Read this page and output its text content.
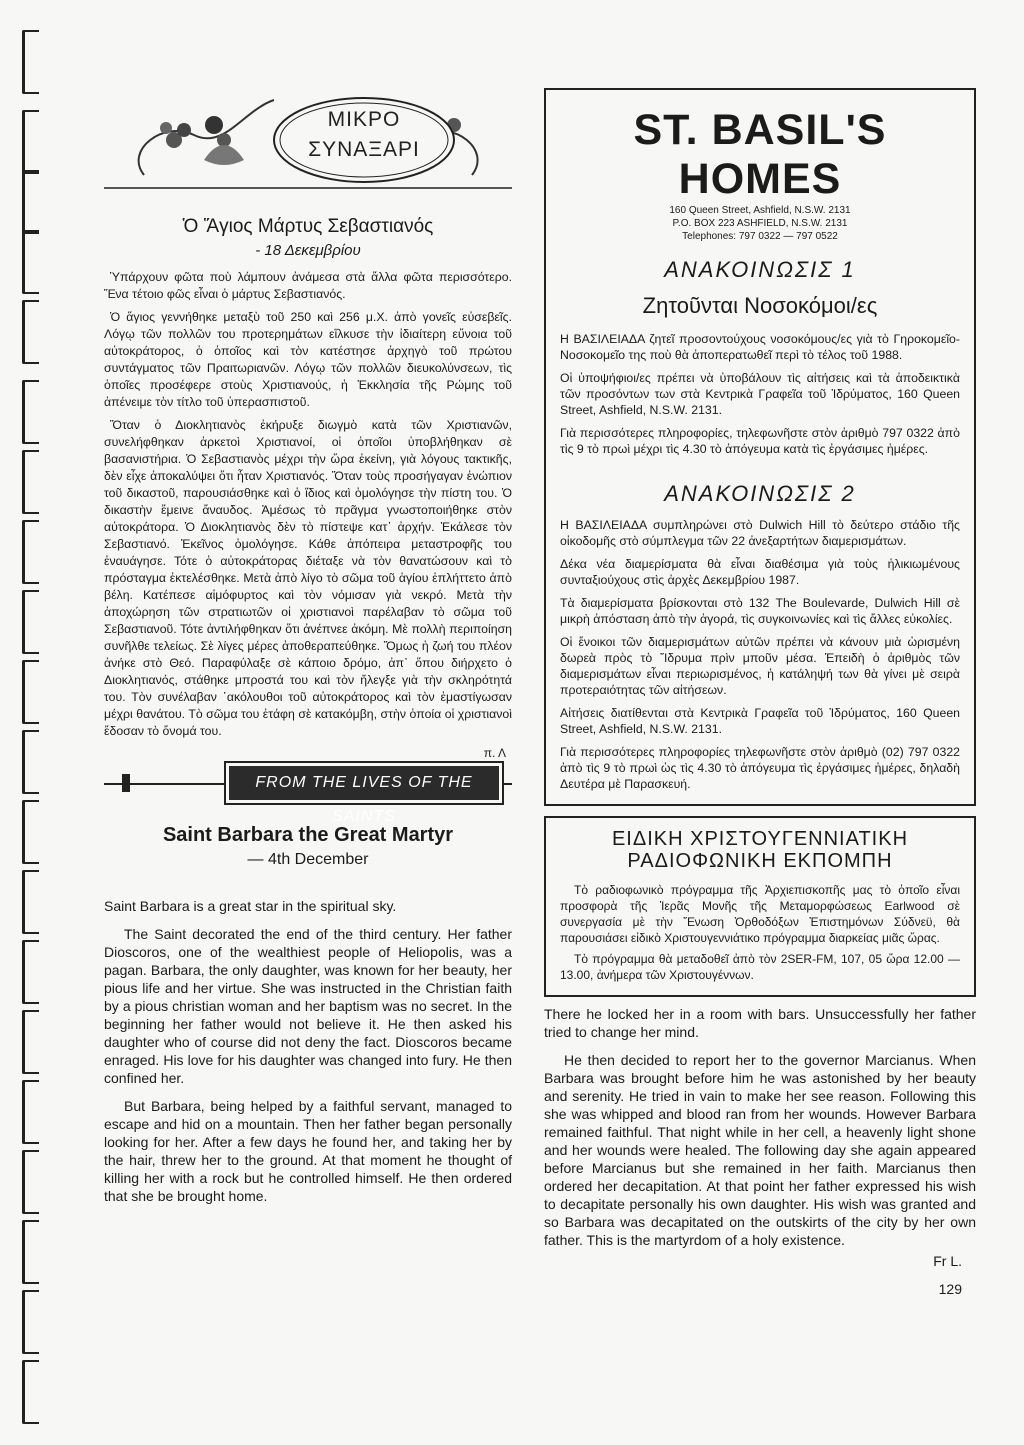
ΜΙΚΡΟ
ΣΥΝΑΞΑΡΙ
Ὁ Ἅγιος Μάρτυς Σεβαστιανός
- 18 Δεκεμβρίου

Ὑπάρχουν φῶτα ποὺ λάμπουν ἀνάμεσα στὰ ἄλλα φῶτα περισσότερο. Ἕνα τέτοιο φῶς εἶναι ὁ μάρτυς Σεβαστιανός.

Ὁ ἅγιος γεννήθηκε μεταξὺ τοῦ 250 καὶ 256 μ.Χ. ἀπὸ γονεῖς εὐσεβεῖς. Λόγῳ τῶν πολλῶν του προτερημάτων εἵλκυσε τὴν ἰδιαίτερη εὔνοια τοῦ αὐτοκράτορος, ὁ ὁποῖος καὶ τὸν κατέστησε ἀρχηγὸ τοῦ πρώτου συντάγματος τῶν Πραιτωριανῶν. Λόγῳ τῶν πολλῶν διευκολύνσεων, τὶς ὁποῖες προσέφερε στοὺς Χριστιανούς, ἡ Ἐκκλησία τῆς Ρώμης τοῦ ἀπένειμε τὸν τίτλο τοῦ ὑπερασπιστοῦ.

Ὅταν ὁ Διοκλητιανὸς ἐκήρυξε διωγμὸ κατὰ τῶν Χριστιανῶν, συνελήφθηκαν ἀρκετοὶ Χριστιανοί, οἱ ὁποῖοι ὑποβλήθηκαν σὲ βασανιστήρια. Ὁ Σεβαστιανὸς μέχρι τὴν ὥρα ἐκείνη, γιὰ λόγους τακτικῆς, δὲν εἶχε ἀποκαλύψει ὅτι ἦταν Χριστιανός. Ὅταν τοὺς προσήγαγαν ἐνώπιον τοῦ δικαστοῦ, παρουσιάσθηκε καὶ ὁ ἴδιος καὶ ὁμολόγησε τὴν πίστη του. Ὁ δικαστὴν ἔμεινε ἄναυδος. Ἀμέσως τὸ πρᾶγμα γνωστοποιήθηκε στὸν αὐτοκράτορα. Ὁ Διοκλητιανὸς δὲν τὸ πίστεψε κατ᾿ ἀρχήν. Ἐκάλεσε τὸν Σεβαστιανό. Ἐκεῖνος ὁμολόγησε. Κάθε ἀπόπειρα μεταστροφῆς του ἐναυάγησε. Τότε ὁ αὐτοκράτορας διέταξε νὰ τὸν θανατώσουν καὶ τὸ πρόσταγμα ἐκτελέσθηκε. Μετὰ ἀπὸ λίγο τὸ σῶμα τοῦ ἁγίου ἐπλήττετο ἀπὸ βέλη. Κατέπεσε αἱμόφυρτος καὶ τὸν νόμισαν γιὰ νεκρό. Μετὰ τὴν ἀποχώρηση τῶν στρατιωτῶν οἱ χριστιανοὶ παρέλαβαν τὸ σῶμα τοῦ Σεβαστιανοῦ. Τότε ἀντιλήφθηκαν ὅτι ἀνέπνεε ἀκόμη. Μὲ πολλὴ περιποίηση συνῆλθε τελείως. Σὲ λίγες μέρες ἀποθεραπεύθηκε. Ὅμως ἡ ζωή του πλέον ἀνήκε στὸ Θεό. Παραφύλαξε σὲ κάποιο δρόμο, ἀπ᾿ ὅπου διήρχετο ὁ Διοκλητιανός, στάθηκε μπροστά του καὶ τὸν ἤλεγξε γιὰ τὴν σκληρότητά του. Τὸν συνέλαβαν ῾ακόλουθοι τοῦ αὐτοκράτορος καὶ τὸν ἐμαστίγωσαν μέχρι θανάτου. Τὸ σῶμα του ἐτάφη σὲ κατακόμβη, στὴν ὁποία οἱ χριστιανοὶ ἔδοσαν τὸ ὄνομά του.

π. Λ
FROM THE LIVES OF THE SAINTS
Saint Barbara the Great Martyr
— 4th December

Saint Barbara is a great star in the spiritual sky.

The Saint decorated the end of the third century. Her father Dioscoros, one of the wealthiest people of Heliopolis, was a pagan. Barbara, the only daughter, was known for her beauty, her pious life and her virtue. She was instructed in the Christian faith by a pious christian woman and her baptism was no secret. In the beginning her father would not believe it. He then asked his daughter who of course did not deny the fact. Dioscoros became enraged. His love for his daughter was changed into fury. He then confined her.

But Barbara, being helped by a faithful servant, managed to escape and hid on a mountain. Then her father began personally looking for her. After a few days he found her, and taking her by the hair, threw her to the ground. At that moment he thought of killing her with a rock but he controlled himself. He then ordered that she be brought home.

ST. BASIL'S HOMES
160 Queen Street, Ashfield, N.S.W. 2131
P.O. BOX 223 ASHFIELD, N.S.W. 2131
Telephones: 797 0322 — 797 0522
ΑΝΑΚΟΙΝΩΣΙΣ 1
Ζητοῦνται Νοσοκόμοι/ες

Η ΒΑΣΙΛΕΙΑΔΑ ζητεῖ προσοντούχους νοσοκόμους/ες γιὰ τὸ Γηροκομεῖο-Νοσοκομεῖο της ποὺ θὰ ἀποπερατωθεῖ περὶ τὸ τέλος τοῦ 1988.

Οἱ ὑποψήφιοι/ες πρέπει νὰ ὑποβάλουν τὶς αἰτήσεις καὶ τὰ ἀποδεικτικὰ τῶν προσόντων των στὰ Κεντρικὰ Γραφεῖα τοῦ Ἱδρύματος, 160 Queen Street, Ashfield, N.S.W. 2131.

Γιὰ περισσότερες πληροφορίες, τηλεφωνῆστε στὸν ἀριθμὸ 797 0322 ἀπὸ τὶς 9 τὸ πρωὶ μέχρι τὶς 4.30 τὸ ἀπόγευμα κατὰ τὶς ἐργάσιμες ἡμέρες.

ΑΝΑΚΟΙΝΩΣΙΣ 2

Η ΒΑΣΙΛΕΙΑΔΑ συμπληρώνει στὸ Dulwich Hill τὸ δεύτερο στάδιο τῆς οἰκοδομῆς στὸ σύμπλεγμα τῶν 22 ἀνεξαρτήτων διαμερισμάτων.

Δέκα νέα διαμερίσματα θὰ εἶναι διαθέσιμα γιὰ τοὺς ἡλικιωμένους συνταξιούχους στὶς ἀρχὲς Δεκεμβρίου 1987.

Τὰ διαμερίσματα βρίσκονται στὸ 132 The Boulevarde, Dulwich Hill σὲ μικρὴ ἀπόσταση ἀπὸ τὴν ἀγορά, τὶς συγκοινωνίες καὶ τὶς ἄλλες εὐκολίες.

Οἱ ἔνοικοι τῶν διαμερισμάτων αὐτῶν πρέπει νὰ κάνουν μιὰ ὡρισμένη δωρεὰ πρὸς τὸ Ἵδρυμα πρὶν μποῦν μέσα. Ἐπειδὴ ὁ ἀριθμὸς τῶν διαμερισμάτων εἶναι περιωρισμένος, ἡ κατάληψή των θὰ γίνει μὲ σειρὰ προτεραιότητας τῶν αἰτήσεων.

Αἰτήσεις διατίθενται στὰ Κεντρικὰ Γραφεῖα τοῦ Ἱδρύματος, 160 Queen Street, Ashfield, N.S.W. 2131.

Γιὰ περισσότερες πληροφορίες τηλεφωνῆστε στὸν ἀριθμὸ (02) 797 0322 ἀπὸ τὶς 9 τὸ πρωὶ ὡς τὶς 4.30 τὸ ἀπόγευμα τὶς ἐργάσιμες ἡμέρες, δηλαδὴ Δευτέρα μὲ Παρασκευή.

ΕΙΔΙΚΗ ΧΡΙΣΤΟΥΓΕΝΝΙΑΤΙΚΗ
ΡΑΔΙΟΦΩΝΙΚΗ ΕΚΠΟΜΠΗ

Τὸ ραδιοφωνικὸ πρόγραμμα τῆς Ἀρχιεπισκοπῆς μας τὸ ὁποῖο εἶναι προσφορὰ τῆς Ἱερᾶς Μονῆς τῆς Μεταμορφώσεως Earlwood σὲ συνεργασία μὲ τὴν Ἕνωση Ὀρθοδόξων Ἐπιστημόνων Σύδνεϋ, θὰ παρουσιάσει εἰδικὸ Χριστουγεννιάτικο πρόγραμμα διαρκείας μιᾶς ὥρας.

Τὸ πρόγραμμα θὰ μεταδοθεῖ ἀπὸ τὸν 2SER-FM, 107, 05 ὥρα 12.00 — 13.00, ἀνήμερα τῶν Χριστουγέννων.

There he locked her in a room with bars. Unsuccessfully her father tried to change her mind.

He then decided to report her to the governor Marcianus. When Barbara was brought before him he was astonished by her beauty and serenity. He tried in vain to make her see reason. Following this she was whipped and blood ran from her wounds. However Barbara remained faithful. That night while in her cell, a heavenly light shone and her wounds were healed. The following day she again appeared before Marcianus but she remained in her faith. Marcianus then ordered her decapitation. At that point her father expressed his wish to decapitate personally his own daughter. His wish was granted and so Barbara was decapitated on the outskirts of the city by her own father. This is the martyrdom of a holy existence.

Fr L.
129
